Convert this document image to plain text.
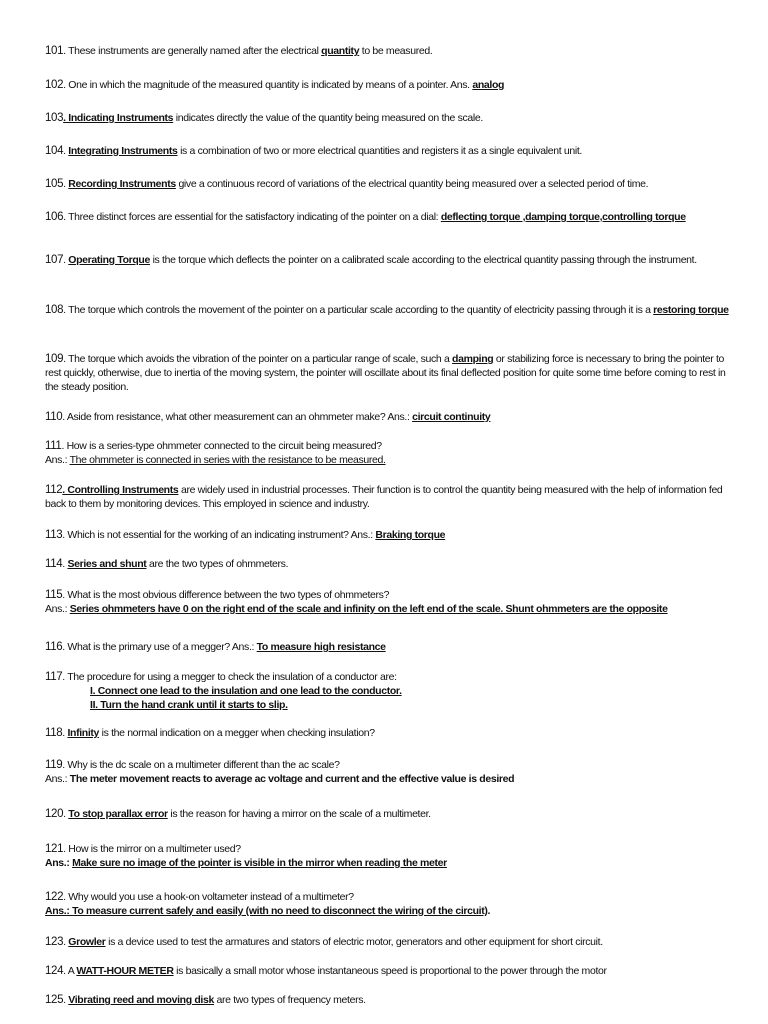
101. These instruments are generally named after the electrical quantity to be measured.
102. One in which the magnitude of the measured quantity is indicated by means of a pointer. Ans. analog
103. Indicating Instruments indicates directly the value of the quantity being measured on the scale.
104. Integrating Instruments is a combination of two or more electrical quantities and registers it as a single equivalent unit.
105. Recording Instruments give a continuous record of variations of the electrical quantity being measured over a selected period of time.
106. Three distinct forces are essential for the satisfactory indicating of the pointer on a dial: deflecting torque ,damping torque,controlling torque
107. Operating Torque is the torque which deflects the pointer on a calibrated scale according to the electrical quantity passing through the instrument.
108. The torque which controls the movement of the pointer on a particular scale according to the quantity of electricity passing through it is a restoring torque
109. The torque which avoids the vibration of the pointer on a particular range of scale, such a damping or stabilizing force is necessary to bring the pointer to rest quickly, otherwise, due to inertia of the moving system, the pointer will oscillate about its final deflected position for quite some time before coming to rest in the steady position.
110. Aside from resistance, what other measurement can an ohmmeter make? Ans.: circuit continuity
111. How is a series-type ohmmeter connected to the circuit being measured?
Ans.: The ohmmeter is connected in series with the resistance to be measured.
112. Controlling Instruments are widely used in industrial processes. Their function is to control the quantity being measured with the help of information fed back to them by monitoring devices. This employed in science and industry.
113. Which is not essential for the working of an indicating instrument? Ans.: Braking torque
114. Series and shunt are the two types of ohmmeters.
115. What is the most obvious difference between the two types of ohmmeters?
Ans.: Series ohmmeters have 0 on the right end of the scale and infinity on the left end of the scale. Shunt ohmmeters are the opposite
116. What is the primary use of a megger? Ans.: To measure high resistance
117. The procedure for using a megger to check the insulation of a conductor are:
I. Connect one lead to the insulation and one lead to the conductor.
II. Turn the hand crank until it starts to slip.
118. Infinity is the normal indication on a megger when checking insulation?
119. Why is the dc scale on a multimeter different than the ac scale?
Ans.: The meter movement reacts to average ac voltage and current and the effective value is desired
120. To stop parallax error is the reason for having a mirror on the scale of a multimeter.
121. How is the mirror on a multimeter used?
Ans.: Make sure no image of the pointer is visible in the mirror when reading the meter
122. Why would you use a hook-on voltameter instead of a multimeter?
Ans.: To measure current safely and easily (with no need to disconnect the wiring of the circuit).
123. Growler is a device used to test the armatures and stators of electric motor, generators and other equipment for short circuit.
124. A WATT-HOUR METER is basically a small motor whose instantaneous speed is proportional to the power through the motor
125. Vibrating reed and moving disk are two types of frequency meters.
